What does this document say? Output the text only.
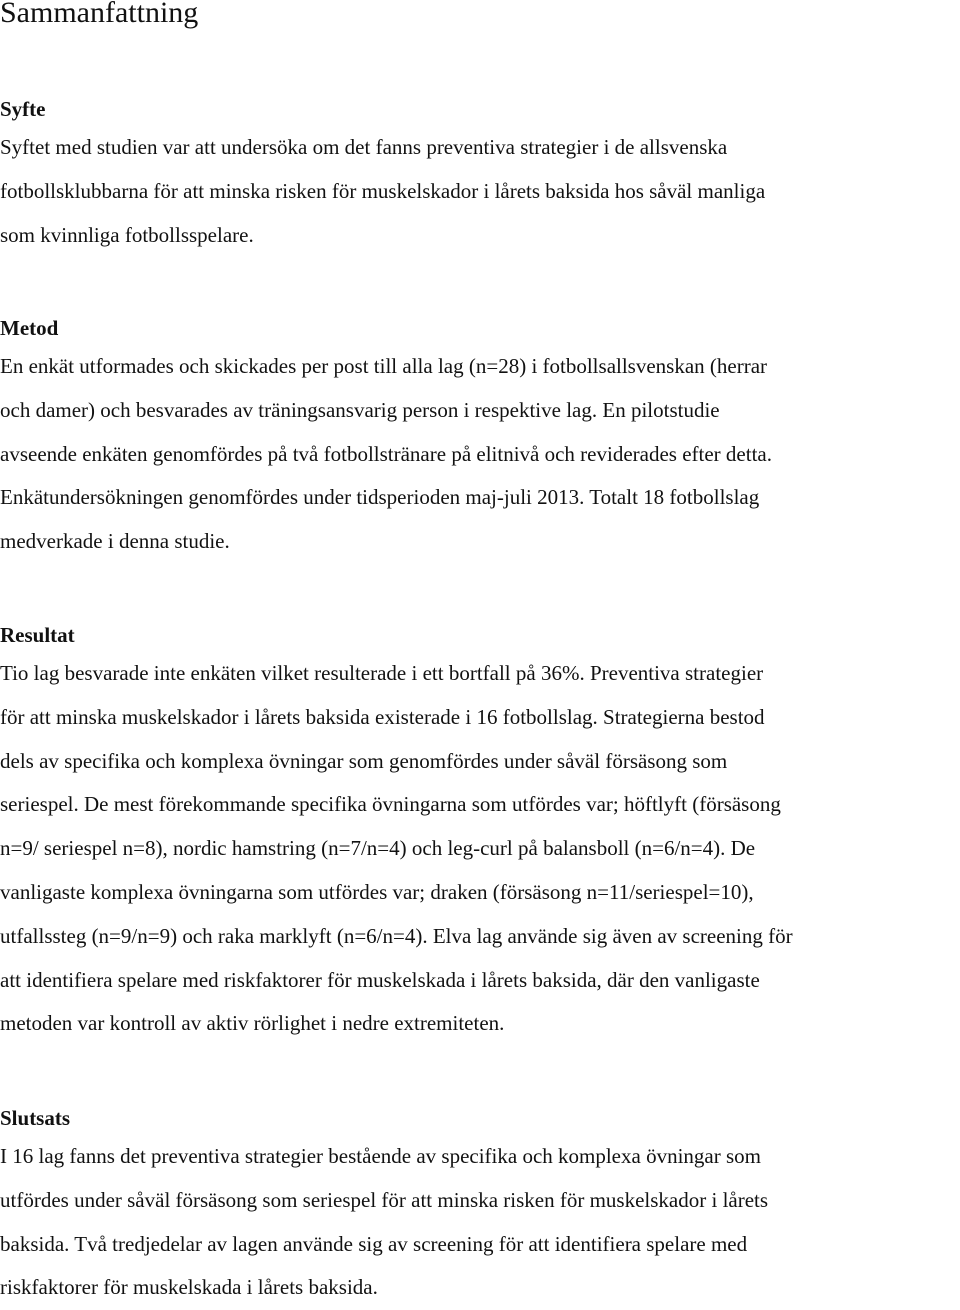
Sammanfattning
Syfte

Syftet med studien var att undersöka om det fanns preventiva strategier i de allsvenska
fotbollsklubbarna för att minska risken för muskelskador i lårets baksida hos såväl manliga
som kvinnliga fotbollsspelare.

Metod

En enkät utformades och skickades per post till alla lag (n=28) i fotbollsallsvenskan (herrar
och damer) och besvarades av träningsansvarig person i respektive lag. En pilotstudie
avseende enkäten genomfördes på två fotbollstränare på elitnivå och reviderades efter detta.
Enkätundersökningen genomfördes under tidsperioden maj-juli 2013. Totalt 18 fotbollslag
medverkade i denna studie.

Resultat

Tio lag besvarade inte enkäten vilket resulterade i ett bortfall på 36%. Preventiva strategier
för att minska muskelskador i lårets baksida existerade i 16 fotbollslag. Strategierna bestod
dels av specifika och komplexa övningar som genomfördes under såväl försäsong som
seriespel. De mest förekommande specifika övningarna som utfördes var; höftlyft (försäsong
n=9/ seriespel n=8), nordic hamstring (n=7/n=4) och leg-curl på balansboll (n=6/n=4). De
vanligaste komplexa övningarna som utfördes var; draken (försäsong n=11/seriespel=10),
utfallssteg (n=9/n=9) och raka marklyft (n=6/n=4). Elva lag använde sig även av screening för
att identifiera spelare med riskfaktorer för muskelskada i lårets baksida, där den vanligaste
metoden var kontroll av aktiv rörlighet i nedre extremiteten.

Slutsats

I 16 lag fanns det preventiva strategier bestående av specifika och komplexa övningar som
utfördes under såväl försäsong som seriespel för att minska risken för muskelskador i lårets
baksida. Två tredjedelar av lagen använde sig av screening för att identifiera spelare med
riskfaktorer för muskelskada i lårets baksida.
